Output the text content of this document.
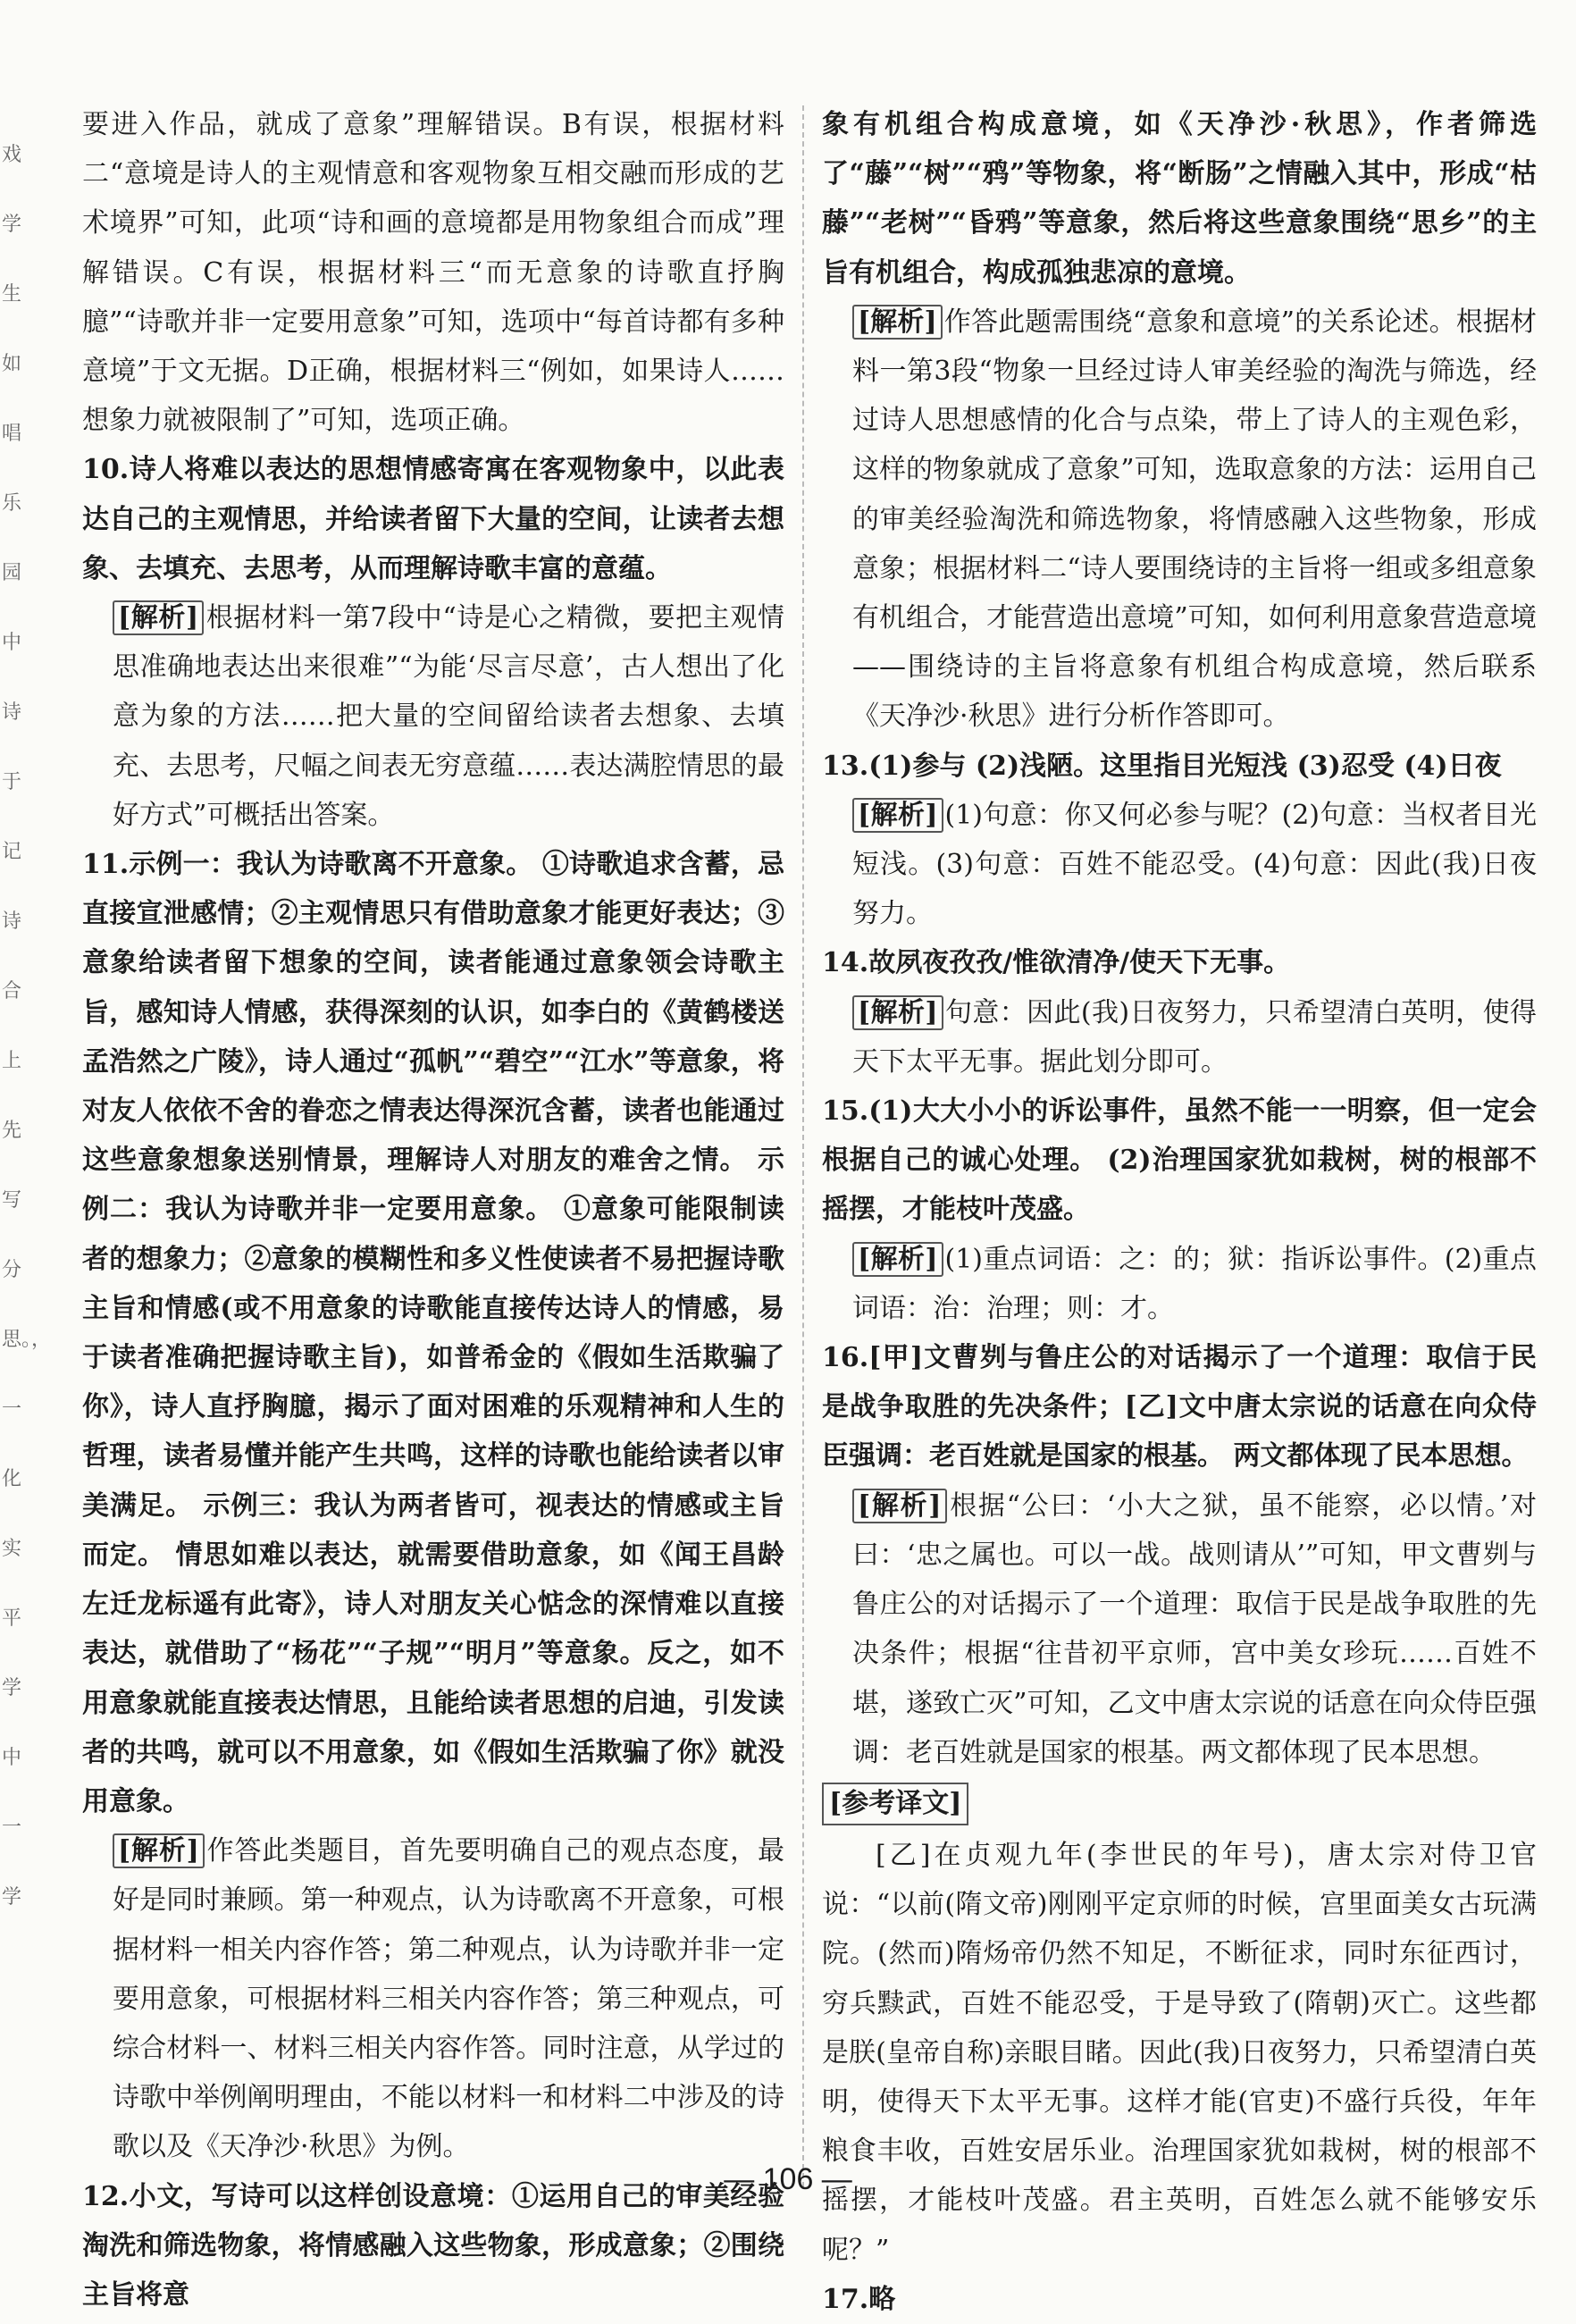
戏学生如唱乐园中诗于记诗合上先写分思。，一化实平学中一学

要进入作品，就成了意象”理解错误。B有误，根据材料二“意境是诗人的主观情意和客观物象互相交融而形成的艺术境界”可知，此项“诗和画的意境都是用物象组合而成”理解错误。C有误，根据材料三“而无意象的诗歌直抒胸臆”“诗歌并非一定要用意象”可知，选项中“每首诗都有多种意境”于文无据。D正确，根据材料三“例如，如果诗人……想象力就被限制了”可知，选项正确。

10.诗人将难以表达的思想情感寄寓在客观物象中，以此表达自己的主观情思，并给读者留下大量的空间，让读者去想象、去填充、去思考，从而理解诗歌丰富的意蕴。

[解析] 根据材料一第7段中“诗是心之精微，要把主观情思准确地表达出来很难”“为能‘尽言尽意’，古人想出了化意为象的方法……把大量的空间留给读者去想象、去填充、去思考，尺幅之间表无穷意蕴……表达满腔情思的最好方式”可概括出答案。

11.示例一：我认为诗歌离不开意象。 ①诗歌追求含蓄，忌直接宣泄感情；②主观情思只有借助意象才能更好表达；③意象给读者留下想象的空间，读者能通过意象领会诗歌主旨，感知诗人情感，获得深刻的认识，如李白的《黄鹤楼送孟浩然之广陵》，诗人通过“孤帆”“碧空”“江水”等意象，将对友人依依不舍的眷恋之情表达得深沉含蓄，读者也能通过这些意象想象送别情景，理解诗人对朋友的难舍之情。 示例二：我认为诗歌并非一定要用意象。 ①意象可能限制读者的想象力；②意象的模糊性和多义性使读者不易把握诗歌主旨和情感(或不用意象的诗歌能直接传达诗人的情感，易于读者准确把握诗歌主旨)，如普希金的《假如生活欺骗了你》，诗人直抒胸臆，揭示了面对困难的乐观精神和人生的哲理，读者易懂并能产生共鸣，这样的诗歌也能给读者以审美满足。 示例三：我认为两者皆可，视表达的情感或主旨而定。 情思如难以表达，就需要借助意象，如《闻王昌龄左迁龙标遥有此寄》，诗人对朋友关心惦念的深情难以直接表达，就借助了“杨花”“子规”“明月”等意象。反之，如不用意象就能直接表达情思，且能给读者思想的启迪，引发读者的共鸣，就可以不用意象，如《假如生活欺骗了你》就没用意象。

[解析] 作答此类题目，首先要明确自己的观点态度，最好是同时兼顾。第一种观点，认为诗歌离不开意象，可根据材料一相关内容作答；第二种观点，认为诗歌并非一定要用意象，可根据材料三相关内容作答；第三种观点，可综合材料一、材料三相关内容作答。同时注意，从学过的诗歌中举例阐明理由，不能以材料一和材料二中涉及的诗歌以及《天净沙·秋思》为例。

12.小文，写诗可以这样创设意境：①运用自己的审美经验淘洗和筛选物象，将情感融入这些物象，形成意象；②围绕主旨将意

象有机组合构成意境，如《天净沙·秋思》，作者筛选了“藤”“树”“鸦”等物象，将“断肠”之情融入其中，形成“枯藤”“老树”“昏鸦”等意象，然后将这些意象围绕“思乡”的主旨有机组合，构成孤独悲凉的意境。

[解析] 作答此题需围绕“意象和意境”的关系论述。根据材料一第3段“物象一旦经过诗人审美经验的淘洗与筛选，经过诗人思想感情的化合与点染，带上了诗人的主观色彩，这样的物象就成了意象”可知，选取意象的方法：运用自己的审美经验淘洗和筛选物象，将情感融入这些物象，形成意象；根据材料二“诗人要围绕诗的主旨将一组或多组意象有机组合，才能营造出意境”可知，如何利用意象营造意境——围绕诗的主旨将意象有机组合构成意境，然后联系《天净沙·秋思》进行分析作答即可。

13.(1)参与 (2)浅陋。这里指目光短浅 (3)忍受 (4)日夜

[解析] (1)句意：你又何必参与呢？(2)句意：当权者目光短浅。(3)句意：百姓不能忍受。(4)句意：因此(我)日夜努力。

14.故夙夜孜孜/惟欲清净/使天下无事。

[解析] 句意：因此(我)日夜努力，只希望清白英明，使得天下太平无事。据此划分即可。

15.(1)大大小小的诉讼事件，虽然不能一一明察，但一定会根据自己的诚心处理。 (2)治理国家犹如栽树，树的根部不摇摆，才能枝叶茂盛。

[解析] (1)重点词语：之：的；狱：指诉讼事件。(2)重点词语：治：治理；则：才。

16.[甲]文曹刿与鲁庄公的对话揭示了一个道理：取信于民是战争取胜的先决条件；[乙]文中唐太宗说的话意在向众侍臣强调：老百姓就是国家的根基。 两文都体现了民本思想。

[解析] 根据“公曰：‘小大之狱，虽不能察，必以情。’对曰：‘忠之属也。可以一战。战则请从’”可知，甲文曹刿与鲁庄公的对话揭示了一个道理：取信于民是战争取胜的先决条件；根据“往昔初平京师，宫中美女珍玩……百姓不堪，遂致亡灭”可知，乙文中唐太宗说的话意在向众侍臣强调：老百姓就是国家的根基。两文都体现了民本思想。

[参考译文]

[乙]在贞观九年(李世民的年号)，唐太宗对侍卫官说：“以前(隋文帝)刚刚平定京师的时候，宫里面美女古玩满院。(然而)隋炀帝仍然不知足，不断征求，同时东征西讨，穷兵黩武，百姓不能忍受，于是导致了(隋朝)灭亡。这些都是朕(皇帝自称)亲眼目睹。因此(我)日夜努力，只希望清白英明，使得天下太平无事。这样才能(官吏)不盛行兵役，年年粮食丰收，百姓安居乐业。治理国家犹如栽树，树的根部不摇摆，才能枝叶茂盛。君主英明，百姓怎么就不能够安乐呢？”

17.略

— 106 —
